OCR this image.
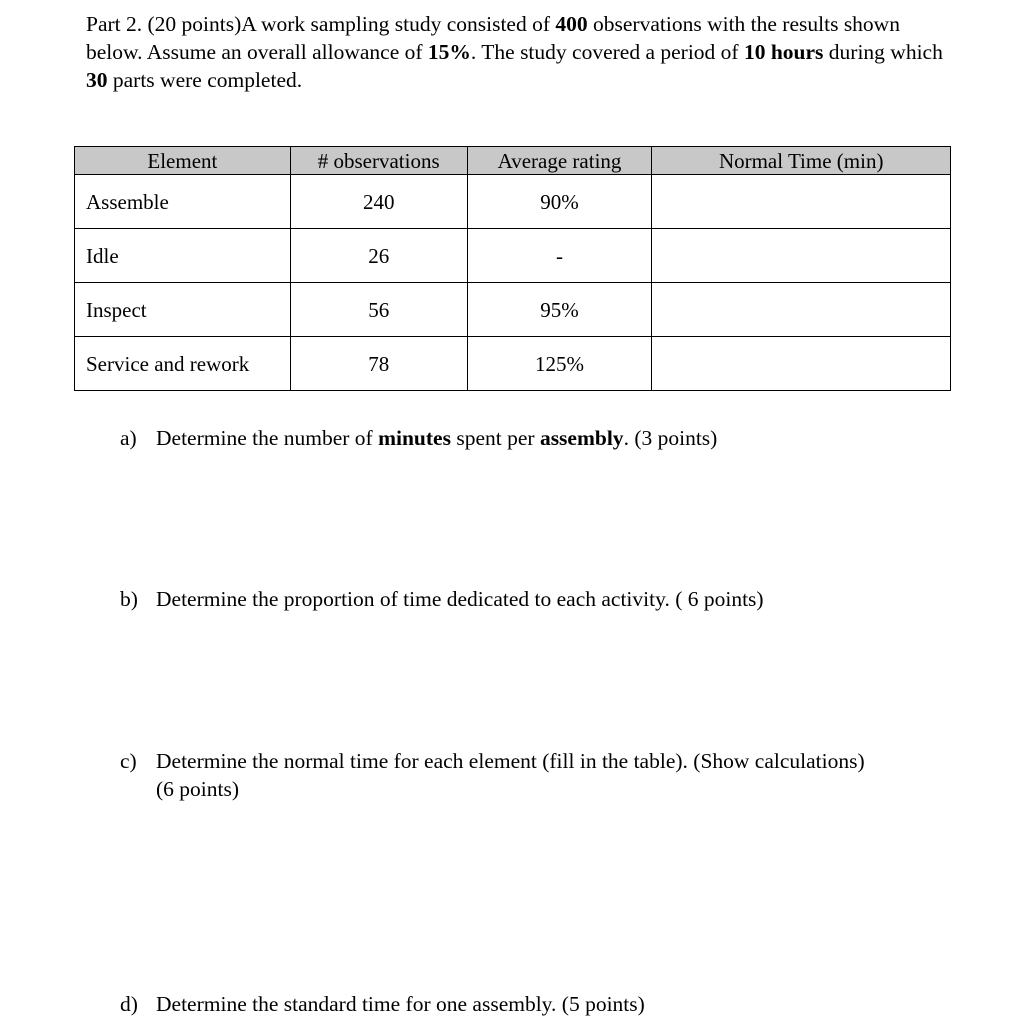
Part 2. (20 points)A work sampling study consisted of 400 observations with the results shown below. Assume an overall allowance of 15%. The study covered a period of 10 hours during which 30 parts were completed.
Element	# observations	Average rating	Normal Time (min)
Assemble	240	90%	
Idle	26	-	
Inspect	56	95%	
Service and rework	78	125%	
a) Determine the number of minutes spent per assembly. (3 points)
b) Determine the proportion of time dedicated to each activity. ( 6 points)
c) Determine the normal time for each element (fill in the table). (Show calculations)
(6 points)
d) Determine the standard time for one assembly. (5 points)
